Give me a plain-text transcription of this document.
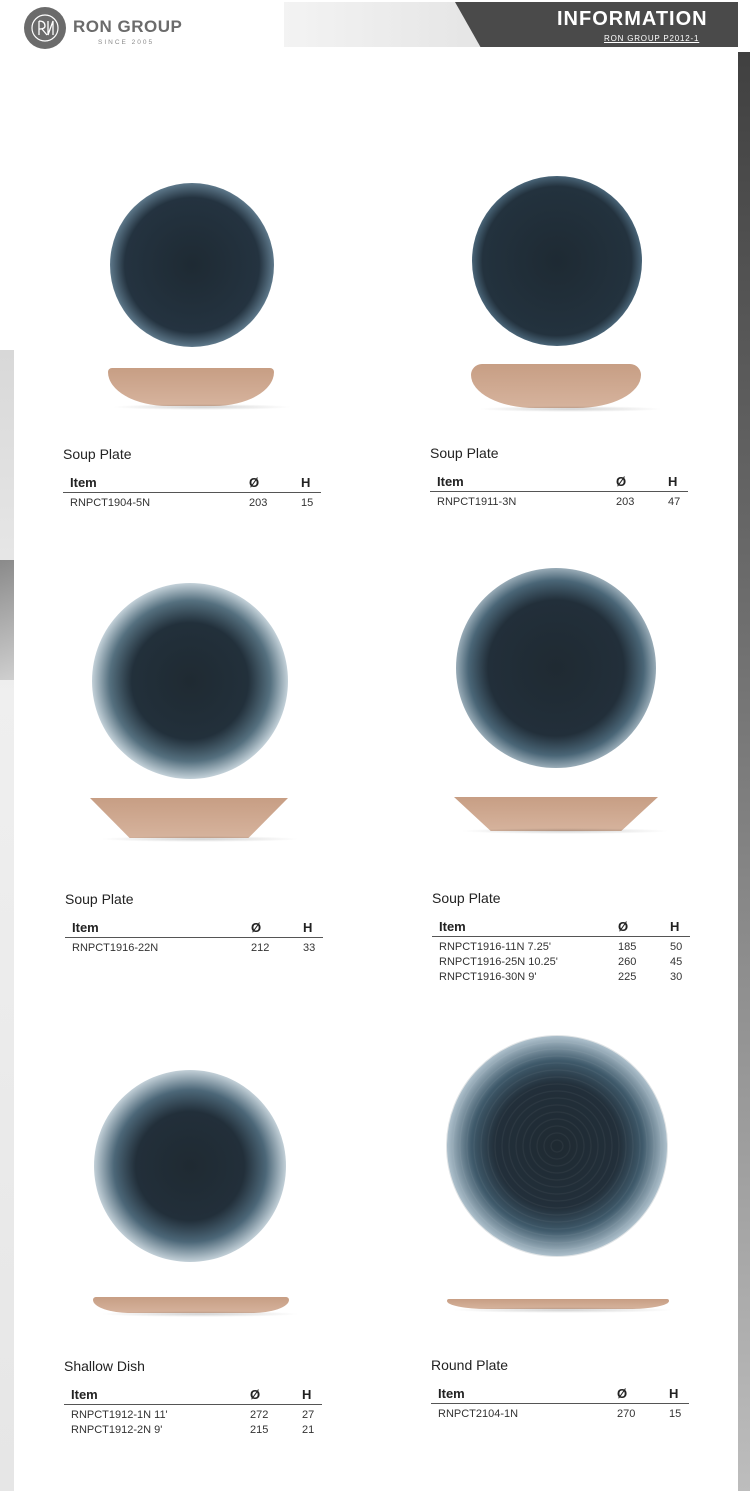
RON GROUP
SINCE 2005
INFORMATION
RON GROUP P2012-1
Soup Plate
Item	Ø	H
RNPCT1904-5N	203	15
Soup Plate
Item	Ø	H
RNPCT1911-3N	203	47
Soup Plate
Item	Ø	H
RNPCT1916-22N	212	33
Soup Plate
Item	Ø	H
RNPCT1916-11N 7.25'	185	50
RNPCT1916-25N 10.25'	260	45
RNPCT1916-30N 9'	225	30
Shallow Dish
Item	Ø	H
RNPCT1912-1N 11'	272	27
RNPCT1912-2N 9'	215	21
Round Plate
Item	Ø	H
RNPCT2104-1N	270	15
